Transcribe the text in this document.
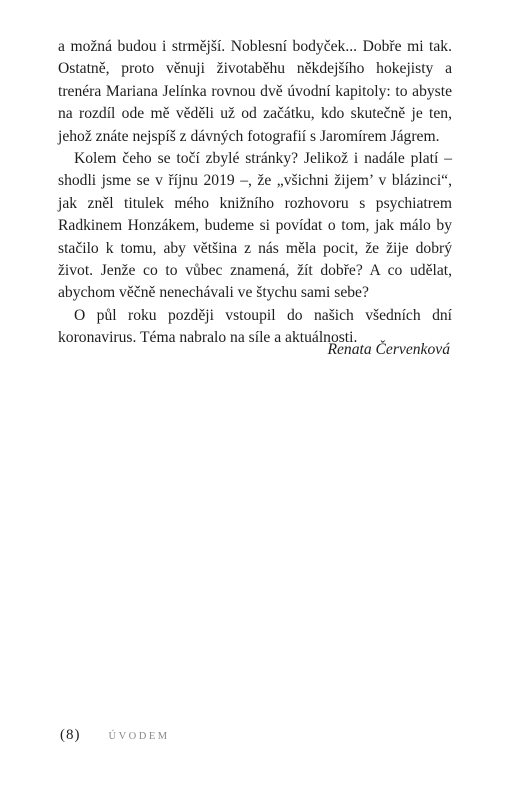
a možná budou i strmější. Noblesní bodyček... Dobře mi tak. Ostatně, proto věnuji životaběhu někdejšího hokejisty a trenéra Mariana Jelínka rovnou dvě úvodní kapitoly: to abyste na rozdíl ode mě věděli už od začátku, kdo skutečně je ten, jehož znáte nejspíš z dávných fotografií s Jaromírem Jágrem.

Kolem čeho se točí zbylé stránky? Jelikož i nadále platí – shodli jsme se v říjnu 2019 –, že „všichni žijem’ v blázinci“, jak zněl titulek mého knižního rozhovoru s psychiatrem Radkinem Honzákem, budeme si povídat o tom, jak málo by stačilo k tomu, aby většina z nás měla pocit, že žije dobrý život. Jenže co to vůbec znamená, žít dobře? A co udělat, abychom věčně nenechávali ve štychu sami sebe?

O půl roku později vstoupil do našich všedních dní koronavirus. Téma nabralo na síle a aktuálnosti.

Renata Červenková
(8)	ÚVODEM
